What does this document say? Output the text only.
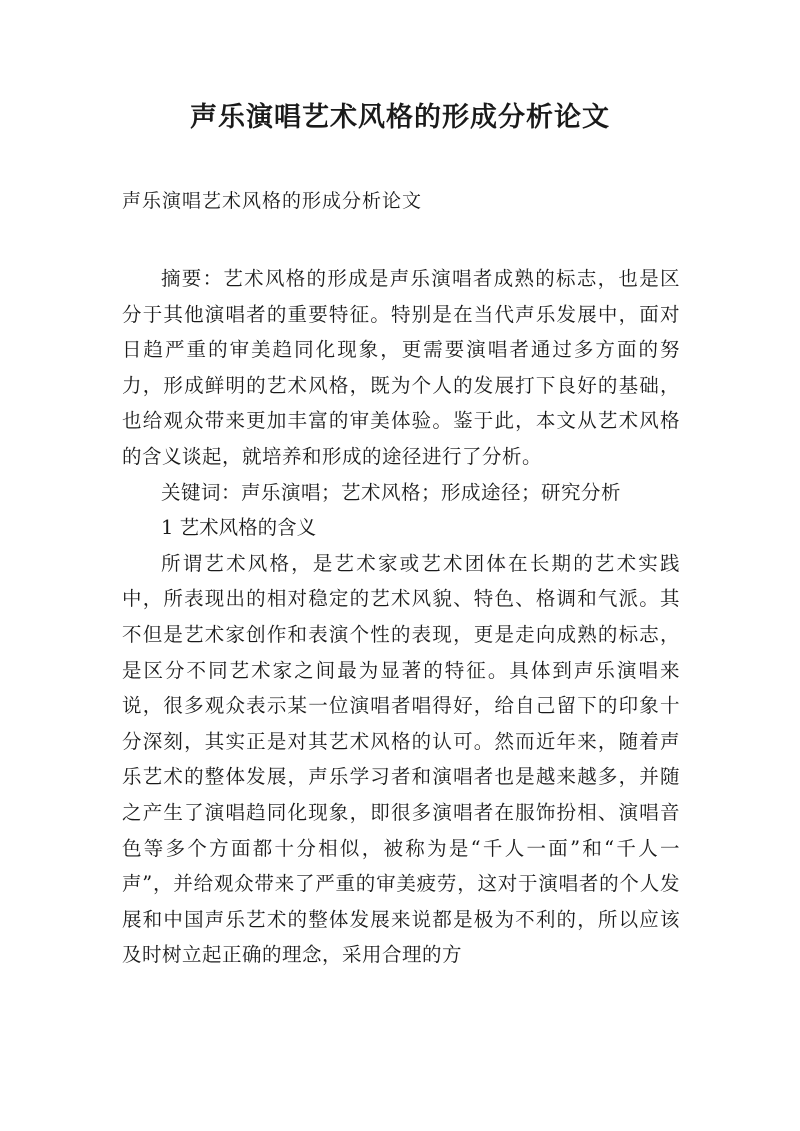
声乐演唱艺术风格的形成分析论文
声乐演唱艺术风格的形成分析论文

摘要：艺术风格的形成是声乐演唱者成熟的标志，也是区分于其他演唱者的重要特征。特别是在当代声乐发展中，面对日趋严重的审美趋同化现象，更需要演唱者通过多方面的努力，形成鲜明的艺术风格，既为个人的发展打下良好的基础，也给观众带来更加丰富的审美体验。鉴于此，本文从艺术风格的含义谈起，就培养和形成的途径进行了分析。

关键词：声乐演唱；艺术风格；形成途径；研究分析

1 艺术风格的含义

所谓艺术风格，是艺术家或艺术团体在长期的艺术实践中，所表现出的相对稳定的艺术风貌、特色、格调和气派。其不但是艺术家创作和表演个性的表现，更是走向成熟的标志，是区分不同艺术家之间最为显著的特征。具体到声乐演唱来说，很多观众表示某一位演唱者唱得好，给自己留下的印象十分深刻，其实正是对其艺术风格的认可。然而近年来，随着声乐艺术的整体发展，声乐学习者和演唱者也是越来越多，并随之产生了演唱趋同化现象，即很多演唱者在服饰扮相、演唱音色等多个方面都十分相似，被称为是“千人一面”和“千人一声”，并给观众带来了严重的审美疲劳，这对于演唱者的个人发展和中国声乐艺术的整体发展来说都是极为不利的，所以应该及时树立起正确的理念，采用合理的方
